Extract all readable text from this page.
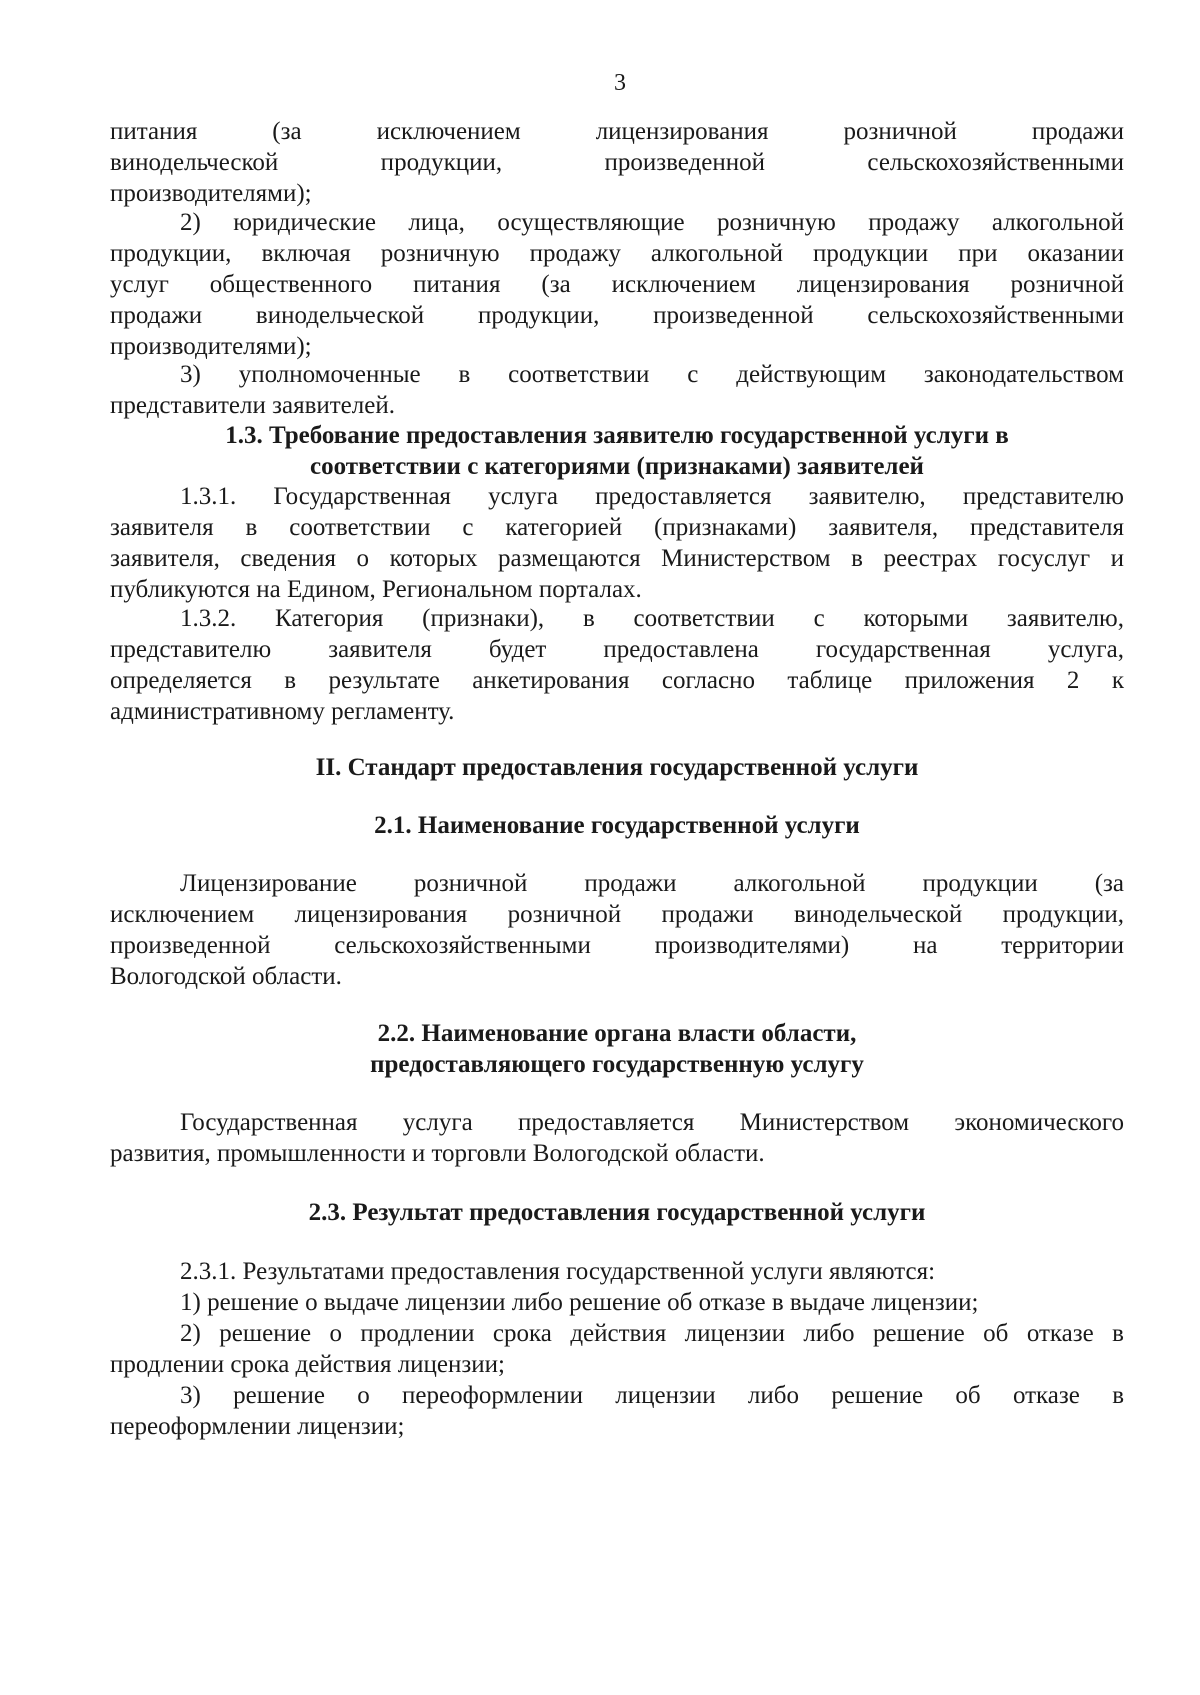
3
питания (за исключением лицензирования розничной продажи
винодельческой продукции, произведенной сельскохозяйственными
производителями);
2) юридические лица, осуществляющие розничную продажу алкогольной
продукции, включая розничную продажу алкогольной продукции при оказании
услуг общественного питания (за исключением лицензирования розничной
продажи винодельческой продукции, произведенной сельскохозяйственными
производителями);
3) уполномоченные в соответствии с действующим законодательством
представители заявителей.
1.3. Требование предоставления заявителю государственной услуги в
соответствии с категориями (признаками) заявителей
1.3.1. Государственная услуга предоставляется заявителю, представителю
заявителя в соответствии с категорией (признаками) заявителя, представителя
заявителя, сведения о которых размещаются Министерством в реестрах госуслуг и
публикуются на Едином, Региональном порталах.
1.3.2. Категория (признаки), в соответствии с которыми заявителю,
представителю заявителя будет предоставлена государственная услуга,
определяется в результате анкетирования согласно таблице приложения 2 к
административному регламенту.
II. Стандарт предоставления государственной услуги
2.1. Наименование государственной услуги
Лицензирование розничной продажи алкогольной продукции (за
исключением лицензирования розничной продажи винодельческой продукции,
произведенной сельскохозяйственными производителями) на территории
Вологодской области.
2.2. Наименование органа власти области,
предоставляющего государственную услугу
Государственная услуга предоставляется Министерством экономического
развития, промышленности и торговли Вологодской области.
2.3. Результат предоставления государственной услуги
2.3.1. Результатами предоставления государственной услуги являются:
1) решение о выдаче лицензии либо решение об отказе в выдаче лицензии;
2) решение о продлении срока действия лицензии либо решение об отказе в
продлении срока действия лицензии;
3) решение о переоформлении лицензии либо решение об отказе в
переоформлении лицензии;
